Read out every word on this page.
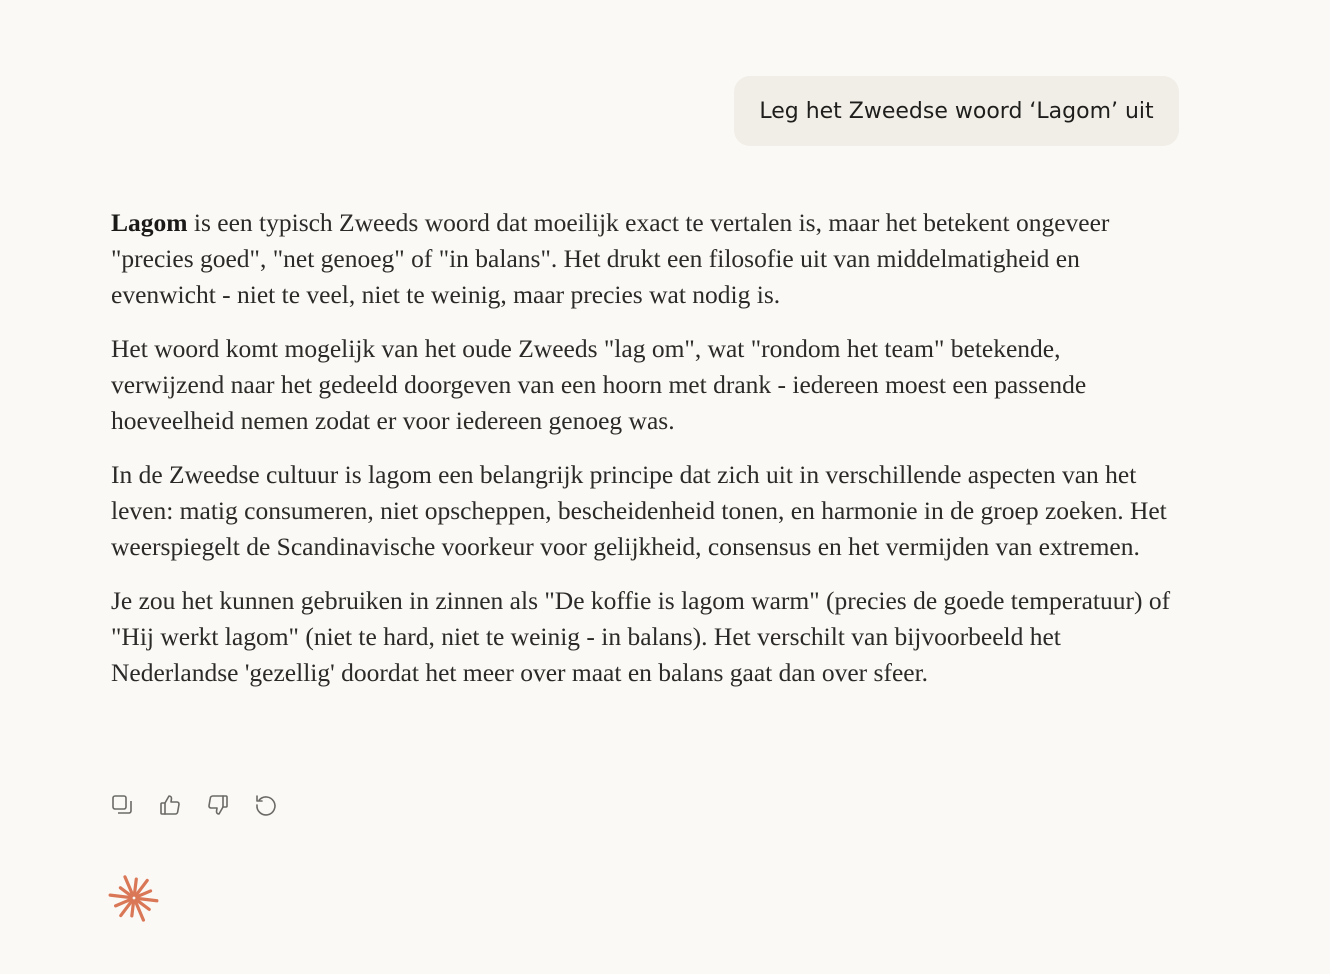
Leg het Zweedse woord ‘Lagom’ uit

Lagom is een typisch Zweeds woord dat moeilijk exact te vertalen is, maar het betekent ongeveer "precies goed", "net genoeg" of "in balans". Het drukt een filosofie uit van middelmatigheid en evenwicht - niet te veel, niet te weinig, maar precies wat nodig is.

Het woord komt mogelijk van het oude Zweeds "lag om", wat "rondom het team" betekende, verwijzend naar het gedeeld doorgeven van een hoorn met drank - iedereen moest een passende hoeveelheid nemen zodat er voor iedereen genoeg was.

In de Zweedse cultuur is lagom een belangrijk principe dat zich uit in verschillende aspecten van het leven: matig consumeren, niet opscheppen, bescheidenheid tonen, en harmonie in de groep zoeken. Het weerspiegelt de Scandinavische voorkeur voor gelijkheid, consensus en het vermijden van extremen.

Je zou het kunnen gebruiken in zinnen als "De koffie is lagom warm" (precies de goede temperatuur) of "Hij werkt lagom" (niet te hard, niet te weinig - in balans). Het verschilt van bijvoorbeeld het Nederlandse 'gezellig' doordat het meer over maat en balans gaat dan over sfeer.
